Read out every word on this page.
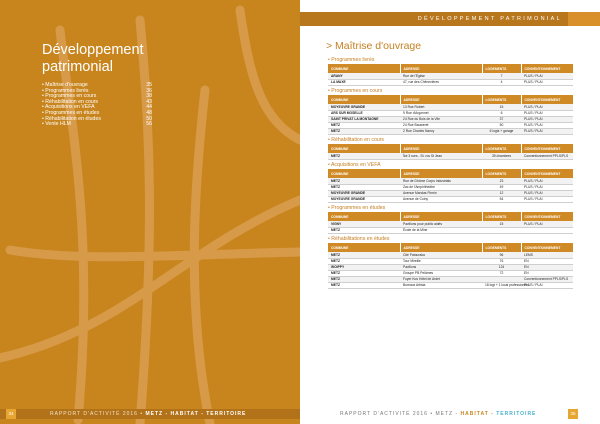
Développement
patrimonial
• Maîtrise d'ouvrage	35
• Programmes livrés	36
• Programmes en cours	38
• Réhabilitation en cours	43
• Acquisitions en VEFA	44
• Programmes en études	48
• Réhabilitation en études	50
• Vente HLM	56
34	RAPPORT D'ACTIVITÉ 2016 • METZ - HABITAT - TERRITOIRE
DÉVELOPPEMENT PATRIMONIAL
> Maîtrise d'ouvrage
• Programmes livrés
COMMUNE	ADRESSE	LOGEMENTS	CONVENTIONNEMENT
ARANY	Rue de l'Église	7	PLUS / PLAI
LA MAXE	47, rue des Chênevières	4	PLUS / PLAI
• Programmes en cours
COMMUNE	ADRESSE	LOGEMENTS	CONVENTIONNEMENT
MOYEUVRE GRANDE	13 Rue Robert	15	PLUS / PLAI
ARS SUR MOSELLE	9 Rue d'Argonnet	6	PLUS / PLAI
SAINT PRIVAT LA MONTAGNE	24 Rue du Bois de la Vile	37	PLUS / PLAI
METZ	24 Rue Bauweret	50	PLUS / PLAI
METZ	2 Rue Charles Nancy	6 logts + garage	PLUS / PLAI
• Réhabilitation en cours
COMMUNE	ADRESSE	LOGEMENTS	CONVENTIONNEMENT
METZ	Îlot 3 rues - St. ros St Jean	39 chambres	Conventionnement PPLS/PLS
• Acquisitions en VEFA
COMMUNE	ADRESSE	LOGEMENTS	CONVENTIONNEMENT
METZ	Rue de Dhôme Corps Industrials	23	PLUS / PLAI
METZ	Zac de l'Amphithéâtre	49	PLUS / PLAI
MOYEUVRE GRANDE	Avenue Marclas Firmin	12	PLUS / PLAI
MOYEUVRE GRANDE	Avenue de Coiny	54	PLUS / PLAI
• Programmes en études
COMMUNE	ADRESSE	LOGEMENTS	CONVENTIONNEMENT
VIGNY	Pavillons pour public aidés	15	PLUS / PLAI
METZ	École de la Mine		
• Réhabilitations en études
COMMUNE	ADRESSE	LOGEMENTS	CONVENTIONNEMENT
METZ	Cité Patouraka	96	LEMS
METZ	Tour Mireille	76	EN
WOIPPY	Pavillons	124	EN
METZ	Groupe PB Pelâmes	72	EN
METZ	Foyer Kos Hôtel de Ardet		Conventionnement PPLS/PLS
METZ	Bureaux Artista	18 logt + 1 local professionnel	PLUS / PLAI
RAPPORT D'ACTIVITÉ 2016 • METZ - HABITAT - TERRITOIRE	35
